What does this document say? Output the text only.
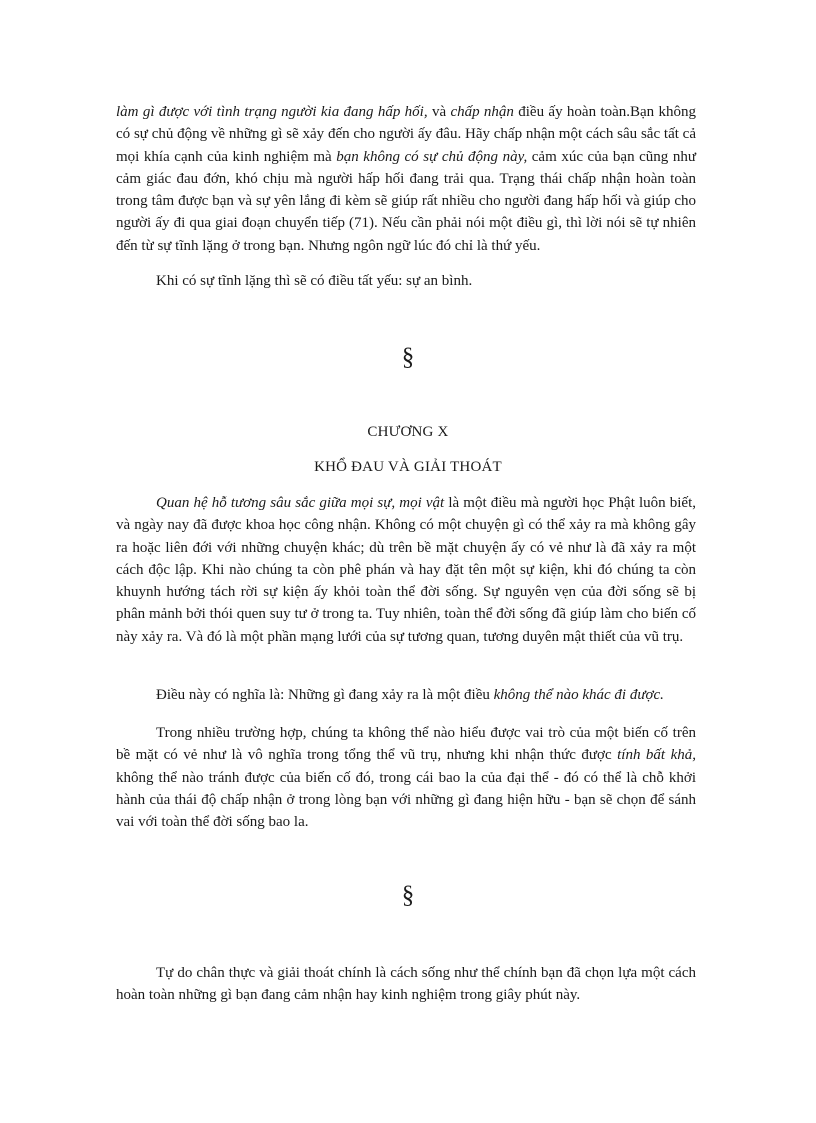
làm gì được với tình trạng người kia đang hấp hối, và chấp nhận điều ấy hoàn toàn.Bạn không có sự chủ động về những gì sẽ xảy đến cho người ấy đâu. Hãy chấp nhận một cách sâu sắc tất cả mọi khía cạnh của kinh nghiệm mà bạn không có sự chủ động này, cảm xúc của bạn cũng như cảm giác đau đớn, khó chịu mà người hấp hối đang trải qua. Trạng thái chấp nhận hoàn toàn trong tâm được bạn và sự yên lắng đi kèm sẽ giúp rất nhiều cho người đang hấp hối và giúp cho người ấy đi qua giai đoạn chuyển tiếp (71). Nếu cần phải nói một điều gì, thì lời nói sẽ tự nhiên đến từ sự tĩnh lặng ở trong bạn. Nhưng ngôn ngữ lúc đó chỉ là thứ yếu.

Khi có sự tĩnh lặng thì sẽ có điều tất yếu: sự an bình.

§

CHƯƠNG X

KHỔ ĐAU VÀ GIẢI THOÁT

Quan hệ hỗ tương sâu sắc giữa mọi sự, mọi vật là một điều mà người học Phật luôn biết, và ngày nay đã được khoa học công nhận. Không có một chuyện gì có thể xảy ra mà không gây ra hoặc liên đới với những chuyện khác; dù trên bề mặt chuyện ấy có vẻ như là đã xảy ra một cách độc lập. Khi nào chúng ta còn phê phán và hay đặt tên một sự kiện, khi đó chúng ta còn khuynh hướng tách rời sự kiện ấy khỏi toàn thể đời sống. Sự nguyên vẹn của đời sống sẽ bị phân mảnh bởi thói quen suy tư ở trong ta. Tuy nhiên, toàn thể đời sống đã giúp làm cho biến cố này xảy ra. Và đó là một phần mạng lưới của sự tương quan, tương duyên mật thiết của vũ trụ.

Điều này có nghĩa là: Những gì đang xảy ra là một điều không thể nào khác đi được.

Trong nhiều trường hợp, chúng ta không thể nào hiểu được vai trò của một biến cố trên bề mặt có vẻ như là vô nghĩa trong tổng thể vũ trụ, nhưng khi nhận thức được tính bất khả, không thể nào tránh được của biến cố đó, trong cái bao la của đại thể - đó có thể là chỗ khởi hành của thái độ chấp nhận ở trong lòng bạn với những gì đang hiện hữu - bạn sẽ chọn để sánh vai với toàn thể đời sống bao la.

§

Tự do chân thực và giải thoát chính là cách sống như thể chính bạn đã chọn lựa một cách hoàn toàn những gì bạn đang cảm nhận hay kinh nghiệm trong giây phút này.
